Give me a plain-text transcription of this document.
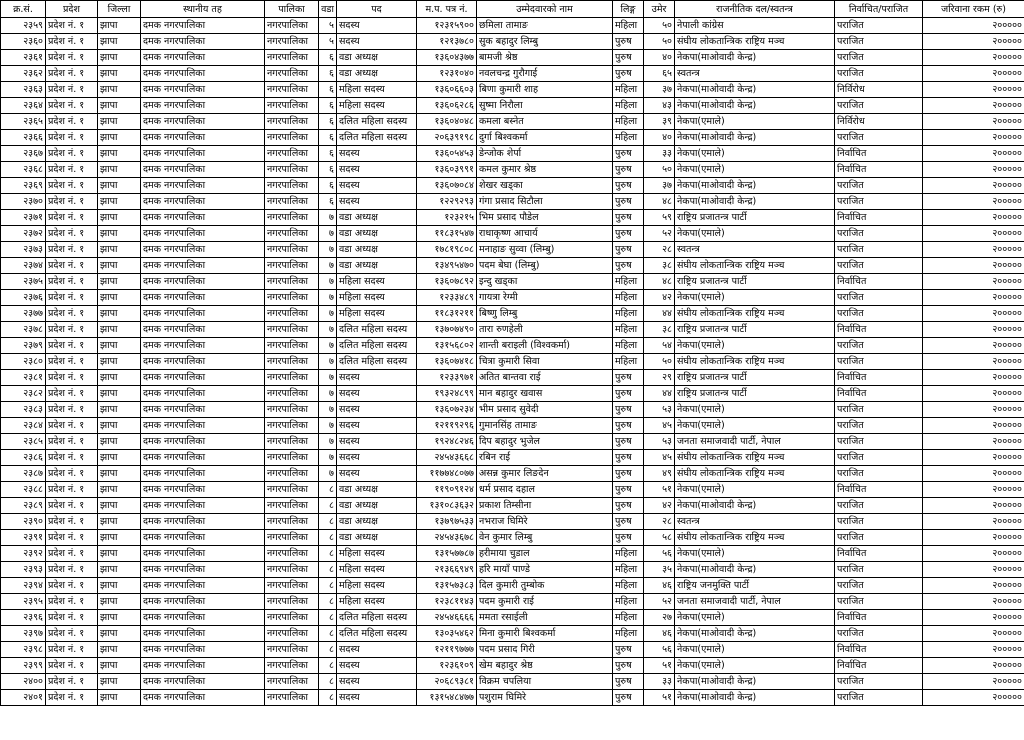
क्र.सं.	प्रदेश	जिल्ला	स्थानीय तह	पालिका	वडा	पद	म.प. पत्र नं.	उम्मेदवारको नाम	लिङ्ग	उमेर	राजनीतिक दल/स्वतन्त्र	निर्वाचित/पराजित	जरिवाना रकम (रु)
२३५९	प्रदेश नं. १	झापा	दमक नगरपालिका	नगरपालिका	५	सदस्य	१२३१५९००	छमिला तामाङ	महिला	५०	नेपाली कांग्रेस	पराजित	२०००००
२३६०	प्रदेश नं. १	झापा	दमक नगरपालिका	नगरपालिका	५	सदस्य	१२१३७८०	सुक बहादुर लिम्बु	पुरुष	५०	संघीय लोकतान्त्रिक राष्ट्रिय मञ्च	पराजित	२०००००
२३६१	प्रदेश नं. १	झापा	दमक नगरपालिका	नगरपालिका	६	वडा अध्यक्ष	१३६०४३७७	बामजी श्रेष्ठ	पुरुष	४०	नेकपा(माओवादी केन्द्र)	पराजित	२०००००
२३६२	प्रदेश नं. १	झापा	दमक नगरपालिका	नगरपालिका	६	वडा अध्यक्ष	१२३१०४०	नवलचन्द्र गुरौगाई	पुरुष	६५	स्वतन्त्र	पराजित	२०००००
२३६३	प्रदेश नं. १	झापा	दमक नगरपालिका	नगरपालिका	६	महिला सदस्य	१३६०६६०३	बिणा कुमारी शाह	महिला	३७	नेकपा(माओवादी केन्द्र)	निर्विरोध	२०००००
२३६४	प्रदेश नं. १	झापा	दमक नगरपालिका	नगरपालिका	६	महिला सदस्य	१३६०६२८६	सुष्मा निरौला	महिला	४३	नेकपा(माओवादी केन्द्र)	पराजित	२०००००
२३६५	प्रदेश नं. १	झापा	दमक नगरपालिका	नगरपालिका	६	दलित महिला सदस्य	१३६०४०४८	कमला बस्नेत	महिला	३९	नेकपा(एमाले)	निर्विरोध	२०००००
२३६६	प्रदेश नं. १	झापा	दमक नगरपालिका	नगरपालिका	६	दलित महिला सदस्य	२०६३९१९८	दुर्गा बिश्वकर्मा	महिला	४०	नेकपा(माओवादी केन्द्र)	पराजित	२०००००
२३६७	प्रदेश नं. १	झापा	दमक नगरपालिका	नगरपालिका	६	सदस्य	१३६०५४५३	डेन्जोक शेर्पा	पुरुष	३३	नेकपा(एमाले)	निर्वाचित	२०००००
२३६८	प्रदेश नं. १	झापा	दमक नगरपालिका	नगरपालिका	६	सदस्य	१३६०३९९१	कमल कुमार श्रेष्ठ	पुरुष	५०	नेकपा(एमाले)	निर्वाचित	२०००००
२३६९	प्रदेश नं. १	झापा	दमक नगरपालिका	नगरपालिका	६	सदस्य	१३६०७०८४	शेखर खड्का	पुरुष	३७	नेकपा(माओवादी केन्द्र)	पराजित	२०००००
२३७०	प्रदेश नं. १	झापा	दमक नगरपालिका	नगरपालिका	६	सदस्य	१२२९२९३	गंगा प्रसाद सिटौला	पुरुष	४८	नेकपा(माओवादी केन्द्र)	पराजित	२०००००
२३७१	प्रदेश नं. १	झापा	दमक नगरपालिका	नगरपालिका	७	वडा अध्यक्ष	१२३२१५	भिम प्रसाद पौडेल	पुरुष	५९	राष्ट्रिय प्रजातन्त्र पार्टी	निर्वाचित	२०००००
२३७२	प्रदेश नं. १	झापा	दमक नगरपालिका	नगरपालिका	७	वडा अध्यक्ष	११८३१५४७	राधाकृष्ण आचार्य	पुरुष	५२	नेकपा(एमाले)	पराजित	२०००००
२३७३	प्रदेश नं. १	झापा	दमक नगरपालिका	नगरपालिका	७	वडा अध्यक्ष	१७८१९८०८	मनाहाङ सुव्वा (लिम्बु)	पुरुष	२८	स्वतन्त्र	पराजित	२०००००
२३७४	प्रदेश नं. १	झापा	दमक नगरपालिका	नगरपालिका	७	वडा अध्यक्ष	१३४९५४७०	पदम बेघा (लिम्बु)	पुरुष	३८	संघीय लोकतान्त्रिक राष्ट्रिय मञ्च	पराजित	२०००००
२३७५	प्रदेश नं. १	झापा	दमक नगरपालिका	नगरपालिका	७	महिला सदस्य	१३६०७८९२	इन्दु खड्का	महिला	४८	राष्ट्रिय प्रजातन्त्र पार्टी	निर्वाचित	२०००००
२३७६	प्रदेश नं. १	झापा	दमक नगरपालिका	नगरपालिका	७	महिला सदस्य	१२३३४८९	गायत्रा रेग्मी	महिला	४२	नेकपा(एमाले)	पराजित	२०००००
२३७७	प्रदेश नं. १	झापा	दमक नगरपालिका	नगरपालिका	७	महिला सदस्य	११८३१२११	बिष्णु लिम्बु	महिला	४४	संघीय लोकतान्त्रिक राष्ट्रिय मञ्च	पराजित	२०००००
२३७८	प्रदेश नं. १	झापा	दमक नगरपालिका	नगरपालिका	७	दलित महिला सदस्य	१३७०७४९०	तारा रुणहेली	महिला	३८	राष्ट्रिय प्रजातन्त्र पार्टी	निर्वाचित	२०००००
२३७९	प्रदेश नं. १	झापा	दमक नगरपालिका	नगरपालिका	७	दलित महिला सदस्य	१३१५६८०२	शान्ती बराइली (विश्वकर्मा)	महिला	५४	नेकपा(एमाले)	पराजित	२०००००
२३८०	प्रदेश नं. १	झापा	दमक नगरपालिका	नगरपालिका	७	दलित महिला सदस्य	१३६०७४१८	चित्रा कुमारी सिवा	महिला	५०	संघीय लोकतान्त्रिक राष्ट्रिय मञ्च	पराजित	२०००००
२३८१	प्रदेश नं. १	झापा	दमक नगरपालिका	नगरपालिका	७	सदस्य	१२३३९७१	अतित बान्तवा राई	पुरुष	२९	राष्ट्रिय प्रजातन्त्र पार्टी	निर्वाचित	२०००००
२३८२	प्रदेश नं. १	झापा	दमक नगरपालिका	नगरपालिका	७	सदस्य	१९३२४८९९	मान बहादुर खवास	पुरुष	४४	राष्ट्रिय प्रजातन्त्र पार्टी	निर्वाचित	२०००००
२३८३	प्रदेश नं. १	झापा	दमक नगरपालिका	नगरपालिका	७	सदस्य	१३६०७२३४	भीम प्रसाद सुवेदी	पुरुष	५३	नेकपा(एमाले)	पराजित	२०००००
२३८४	प्रदेश नं. १	झापा	दमक नगरपालिका	नगरपालिका	७	सदस्य	१२११९२९६	गुमानसिंह तामाङ	पुरुष	४५	नेकपा(एमाले)	पराजित	२०००००
२३८५	प्रदेश नं. १	झापा	दमक नगरपालिका	नगरपालिका	७	सदस्य	१९२४८२४६	दिप बहादुर भुजेल	पुरुष	५३	जनता समाजवादी पार्टी, नेपाल	पराजित	२०००००
२३८६	प्रदेश नं. १	झापा	दमक नगरपालिका	नगरपालिका	७	सदस्य	२४५४३६६८	रबिन राई	पुरुष	४५	संघीय लोकतान्त्रिक राष्ट्रिय मञ्च	पराजित	२०००००
२३८७	प्रदेश नं. १	झापा	दमक नगरपालिका	नगरपालिका	७	सदस्य	११७७४८०७७	असन्न कुमार लिङदेन	पुरुष	४९	संघीय लोकतान्त्रिक राष्ट्रिय मञ्च	पराजित	२०००००
२३८८	प्रदेश नं. १	झापा	दमक नगरपालिका	नगरपालिका	८	वडा अध्यक्ष	११९०९१२४	धर्म प्रसाद दहाल	पुरुष	५१	नेकपा(एमाले)	निर्वाचित	२०००००
२३८९	प्रदेश नं. १	झापा	दमक नगरपालिका	नगरपालिका	८	वडा अध्यक्ष	१३१०८३६३२	प्रकाश तिम्सीना	पुरुष	४२	नेकपा(माओवादी केन्द्र)	पराजित	२०००००
२३९०	प्रदेश नं. १	झापा	दमक नगरपालिका	नगरपालिका	८	वडा अध्यक्ष	१३७९७५३३	नभराज घिमिरे	पुरुष	२८	स्वतन्त्र	पराजित	२०००००
२३९१	प्रदेश नं. १	झापा	दमक नगरपालिका	नगरपालिका	८	वडा अध्यक्ष	२४५४३६७८	वेन कुमार लिम्बु	पुरुष	५८	संघीय लोकतान्त्रिक राष्ट्रिय मञ्च	पराजित	२०००००
२३९२	प्रदेश नं. १	झापा	दमक नगरपालिका	नगरपालिका	८	महिला सदस्य	१३१५७७८७	हरीमाया चुडाल	महिला	५६	नेकपा(एमाले)	निर्वाचित	२०००००
२३९३	प्रदेश नं. १	झापा	दमक नगरपालिका	नगरपालिका	८	महिला सदस्य	२१३६६९४९	हरि मायाँ पाण्डे	महिला	३५	नेकपा(माओवादी केन्द्र)	पराजित	२०००००
२३९४	प्रदेश नं. १	झापा	दमक नगरपालिका	नगरपालिका	८	महिला सदस्य	१३१५७३८३	दिल कुमारी तुम्बोक	महिला	४६	राष्ट्रिय जनमुक्ति पार्टी	पराजित	२०००००
२३९५	प्रदेश नं. १	झापा	दमक नगरपालिका	नगरपालिका	८	महिला सदस्य	१२३८११४३	पदम कुमारी राई	महिला	५२	जनता समाजवादी पार्टी, नेपाल	पराजित	२०००००
२३९६	प्रदेश नं. १	झापा	दमक नगरपालिका	नगरपालिका	८	दलित महिला सदस्य	२४५४६६६६	ममता रसाईली	महिला	२७	नेकपा(एमाले)	निर्वाचित	२०००००
२३९७	प्रदेश नं. १	झापा	दमक नगरपालिका	नगरपालिका	८	दलित महिला सदस्य	१३०३५४६२	मिना कुमारी बिश्वकर्मा	महिला	४६	नेकपा(माओवादी केन्द्र)	पराजित	२०००००
२३९८	प्रदेश नं. १	झापा	दमक नगरपालिका	नगरपालिका	८	सदस्य	१२११९७७७	पदम प्रसाद गिरी	पुरुष	५६	नेकपा(एमाले)	निर्वाचित	२०००००
२३९९	प्रदेश नं. १	झापा	दमक नगरपालिका	नगरपालिका	८	सदस्य	१२३६१०९	खेम बहादुर श्रेष्ठ	पुरुष	५१	नेकपा(एमाले)	निर्वाचित	२०००००
२४००	प्रदेश नं. १	झापा	दमक नगरपालिका	नगरपालिका	८	सदस्य	२०६८९३८१	विक्रम चपलिया	पुरुष	३३	नेकपा(माओवादी केन्द्र)	पराजित	२०००००
२४०१	प्रदेश नं. १	झापा	दमक नगरपालिका	नगरपालिका	८	सदस्य	१३१५४८४७७	पशुराम घिमिरे	पुरुष	५१	नेकपा(माओवादी केन्द्र)	पराजित	२०००००
